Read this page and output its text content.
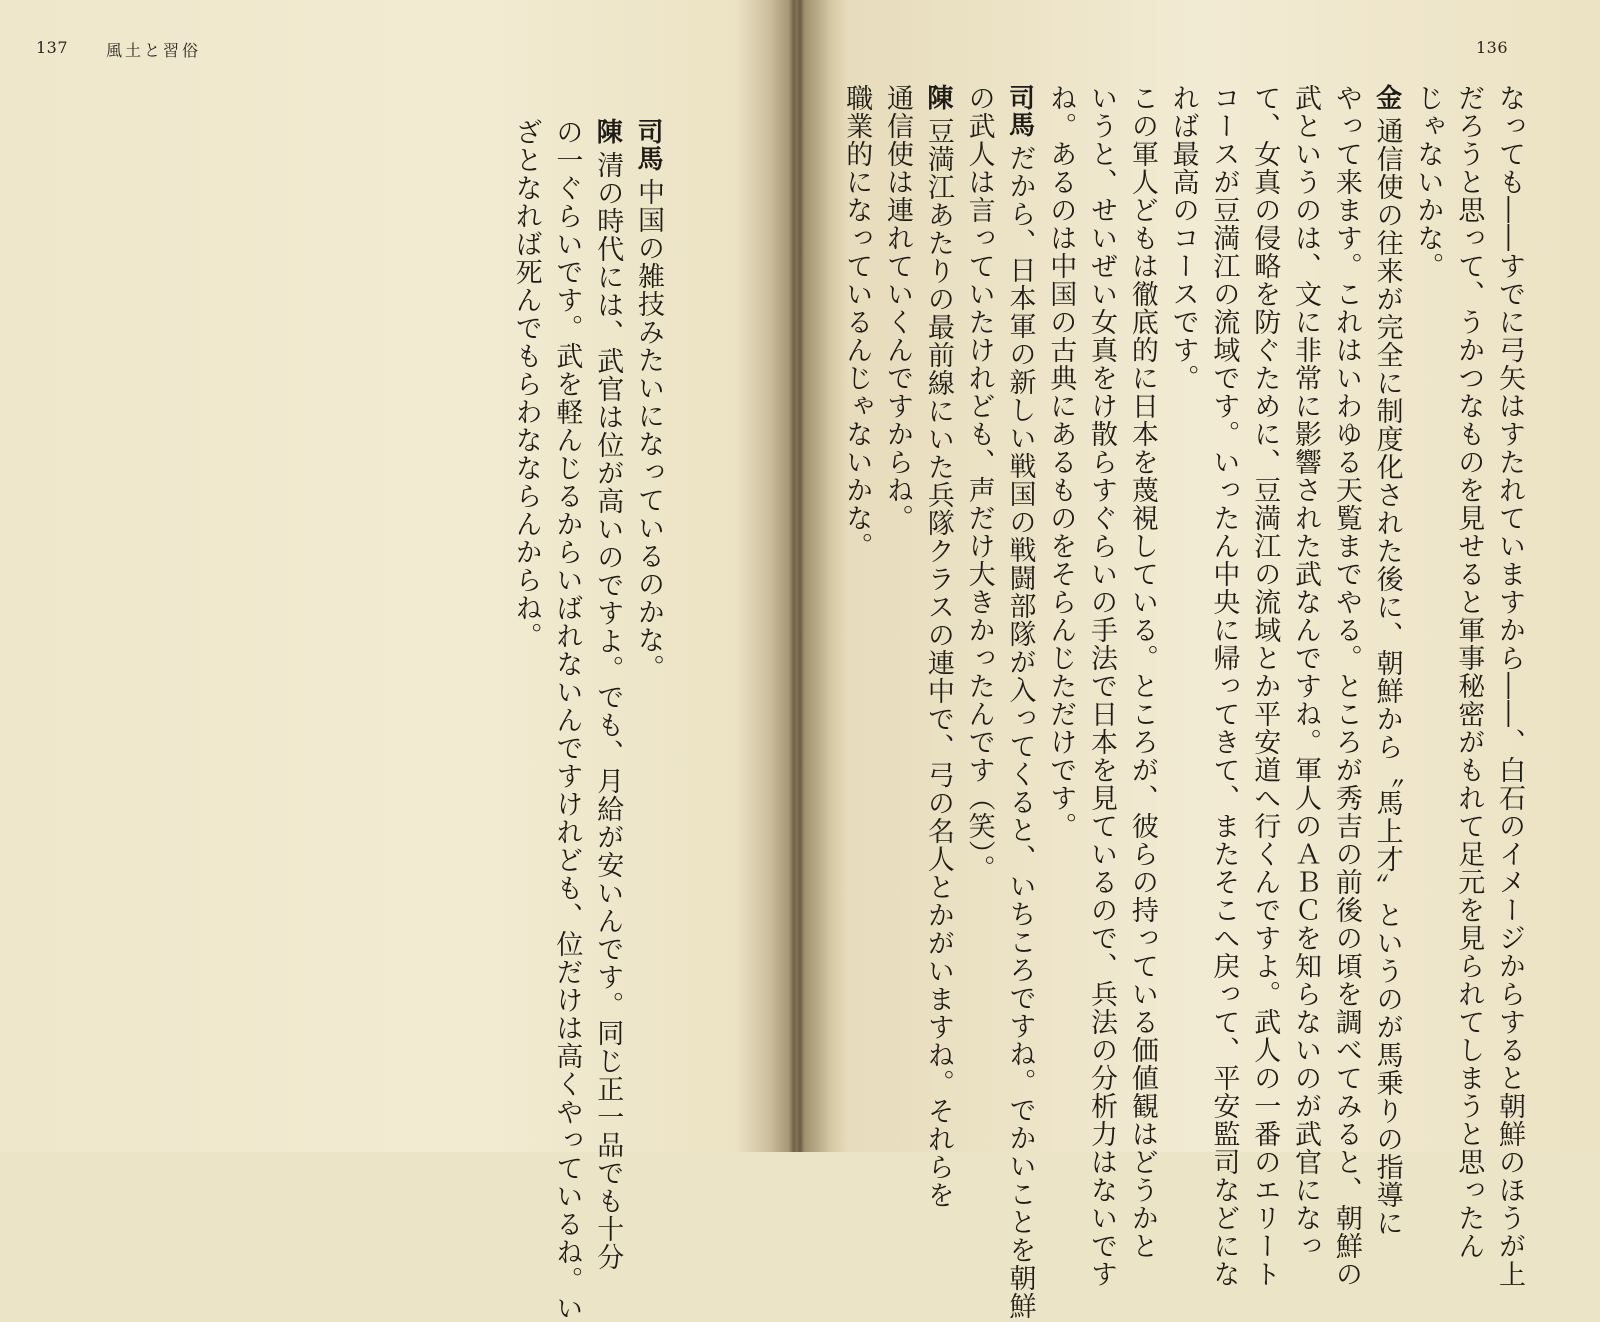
137 風土と習俗
司馬中国の雑技みたいになっているのかな。
陳清の時代には、武官は位が高いのですよ。でも、月給が安いんです。同じ正一品でも十分
の一ぐらいです。武を軽んじるからいばれないんですけれども、位だけは高くやっているね。い
ざとなれば死んでもらわなならんからね。
136
なっても――すでに弓矢はすたれていますから――、白石のイメージからすると朝鮮のほうが上
だろうと思って、うかつなものを見せると軍事秘密がもれて足元を見られてしまうと思ったん
じゃないかな。
金通信使の往来が完全に制度化された後に、朝鮮から〝馬上才〟というのが馬乗りの指導に
やって来ます。これはいわゆる天覧までやる。ところが秀吉の前後の頃を調べてみると、朝鮮の
武というのは、文に非常に影響された武なんですね。軍人のＡＢＣを知らないのが武官になっ
て、女真の侵略を防ぐために、豆満江の流域とか平安道へ行くんですよ。武人の一番のエリート
コースが豆満江の流域です。いったん中央に帰ってきて、またそこへ戻って、平安監司などにな
れば最高のコースです。
この軍人どもは徹底的に日本を蔑視している。ところが、彼らの持っている価値観はどうかと
いうと、せいぜい女真をけ散らすぐらいの手法で日本を見ているので、兵法の分析力はないです
ね。あるのは中国の古典にあるものをそらんじただけです。
司馬だから、日本軍の新しい戦国の戦闘部隊が入ってくると、いちころですね。でかいことを朝鮮
の武人は言っていたけれども、声だけ大きかったんです（笑）。
陳豆満江あたりの最前線にいた兵隊クラスの連中で、弓の名人とかがいますね。それらを
通信使は連れていくんですからね。
職業的になっているんじゃないかな。
